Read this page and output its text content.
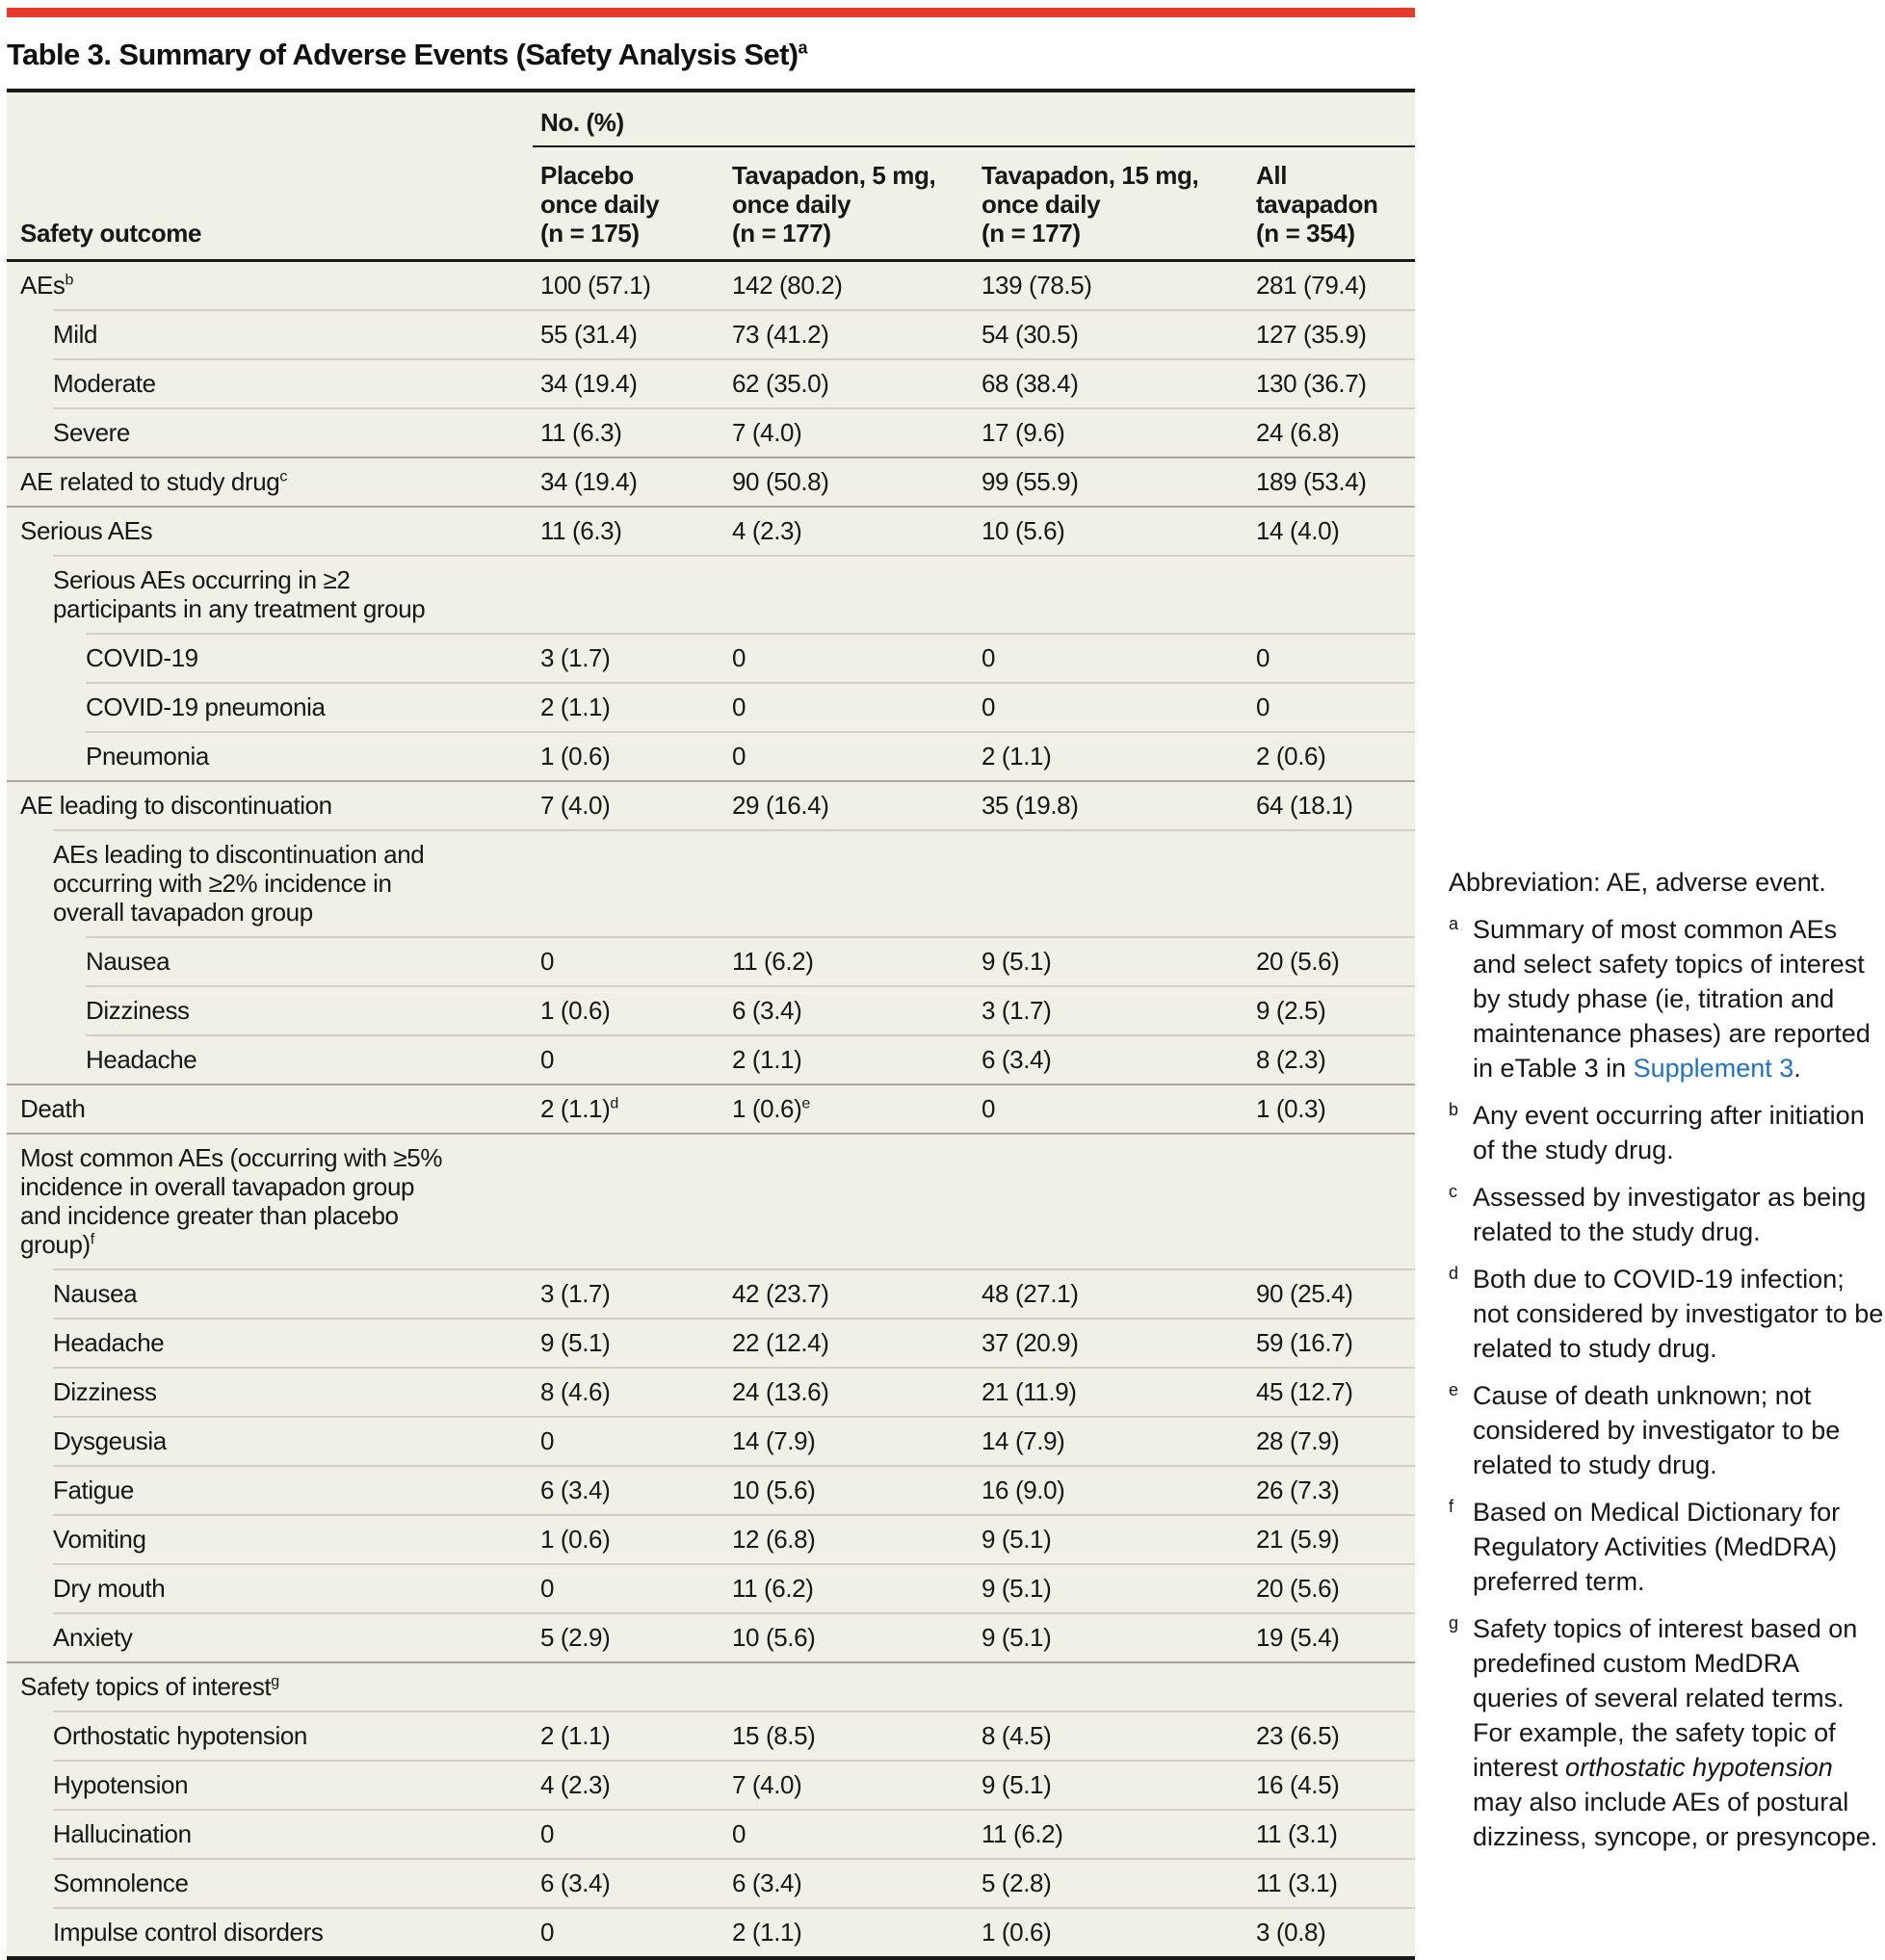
Table 3. Summary of Adverse Events (Safety Analysis Set)$^a$
No. (%)
Safety outcome
Placebo
once daily
(n = 175)
Tavapadon, 5 mg,
once daily
(n = 177)
Tavapadon, 15 mg,
once daily
(n = 177)
All
tavapadon
(n = 354)
AEs$^b$	100 (57.1)	142 (80.2)	139 (78.5)	281 (79.4)
Mild	55 (31.4)	73 (41.2)	54 (30.5)	127 (35.9)
Moderate	34 (19.4)	62 (35.0)	68 (38.4)	130 (36.7)
Severe	11 (6.3)	7 (4.0)	17 (9.6)	24 (6.8)
AE related to study drug$^c$	34 (19.4)	90 (50.8)	99 (55.9)	189 (53.4)
Serious AEs	11 (6.3)	4 (2.3)	10 (5.6)	14 (4.0)
Serious AEs occurring in ≥2 participants in any treatment group
COVID-19	3 (1.7)	0	0	0
COVID-19 pneumonia	2 (1.1)	0	0	0
Pneumonia	1 (0.6)	0	2 (1.1)	2 (0.6)
AE leading to discontinuation	7 (4.0)	29 (16.4)	35 (19.8)	64 (18.1)
AEs leading to discontinuation and occurring with ≥2% incidence in overall tavapadon group
Nausea	0	11 (6.2)	9 (5.1)	20 (5.6)
Dizziness	1 (0.6)	6 (3.4)	3 (1.7)	9 (2.5)
Headache	0	2 (1.1)	6 (3.4)	8 (2.3)
Death	2 $(1.1)^d$	1 $(0.6)^e$	0	1 (0.3)
Most common AEs (occurring with ≥5% incidence in overall tavapadon group and incidence greater than placebo group)$^f$
Nausea	3 (1.7)	42 (23.7)	48 (27.1)	90 (25.4)
Headache	9 (5.1)	22 (12.4)	37 (20.9)	59 (16.7)
Dizziness	8 (4.6)	24 (13.6)	21 (11.9)	45 (12.7)
Dysgeusia	0	14 (7.9)	14 (7.9)	28 (7.9)
Fatigue	6 (3.4)	10 (5.6)	16 (9.0)	26 (7.3)
Vomiting	1 (0.6)	12 (6.8)	9 (5.1)	21 (5.9)
Dry mouth	0	11 (6.2)	9 (5.1)	20 (5.6)
Anxiety	5 (2.9)	10 (5.6)	9 (5.1)	19 (5.4)
Safety topics of interest$^g$
Orthostatic hypotension	2 (1.1)	15 (8.5)	8 (4.5)	23 (6.5)
Hypotension	4 (2.3)	7 (4.0)	9 (5.1)	16 (4.5)
Hallucination	0	0	11 (6.2)	11 (3.1)
Somnolence	6 (3.4)	6 (3.4)	5 (2.8)	11 (3.1)
Impulse control disorders	0	2 (1.1)	1 (0.6)	3 (0.8)
Abbreviation: AE, adverse event.
a Summary of most common AEs and select safety topics of interest by study phase (ie, titration and maintenance phases) are reported in eTable 3 in Supplement 3.
b Any event occurring after initiation of the study drug.
c Assessed by investigator as being related to the study drug.
d Both due to COVID-19 infection; not considered by investigator to be related to study drug.
e Cause of death unknown; not considered by investigator to be related to study drug.
f Based on Medical Dictionary for Regulatory Activities (MedDRA) preferred term.
g Safety topics of interest based on predefined custom MedDRA queries of several related terms. For example, the safety topic of interest orthostatic hypotension may also include AEs of postural dizziness, syncope, or presyncope.
